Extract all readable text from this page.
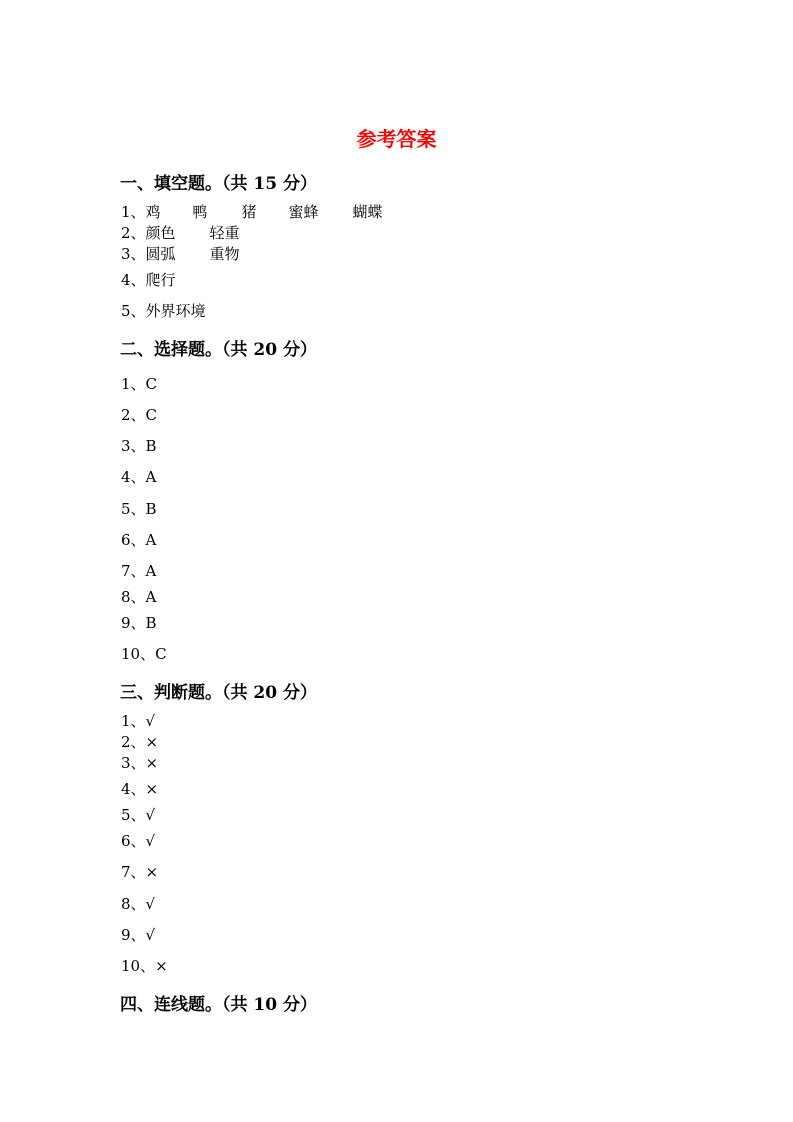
参考答案
一、填空题。（共 15 分）
1、鸡 鸭 猪 蜜蜂 蝴蝶
2、颜色 轻重
3、圆弧 重物
4、爬行
5、外界环境
二、选择题。（共 20 分）
1、C
2、C
3、B
4、A
5、B
6、A
7、A
8、A
9、B
10、C
三、判断题。（共 20 分）
1、√
2、×
3、×
4、×
5、√
6、√
7、×
8、√
9、√
10、×
四、连线题。（共 10 分）
